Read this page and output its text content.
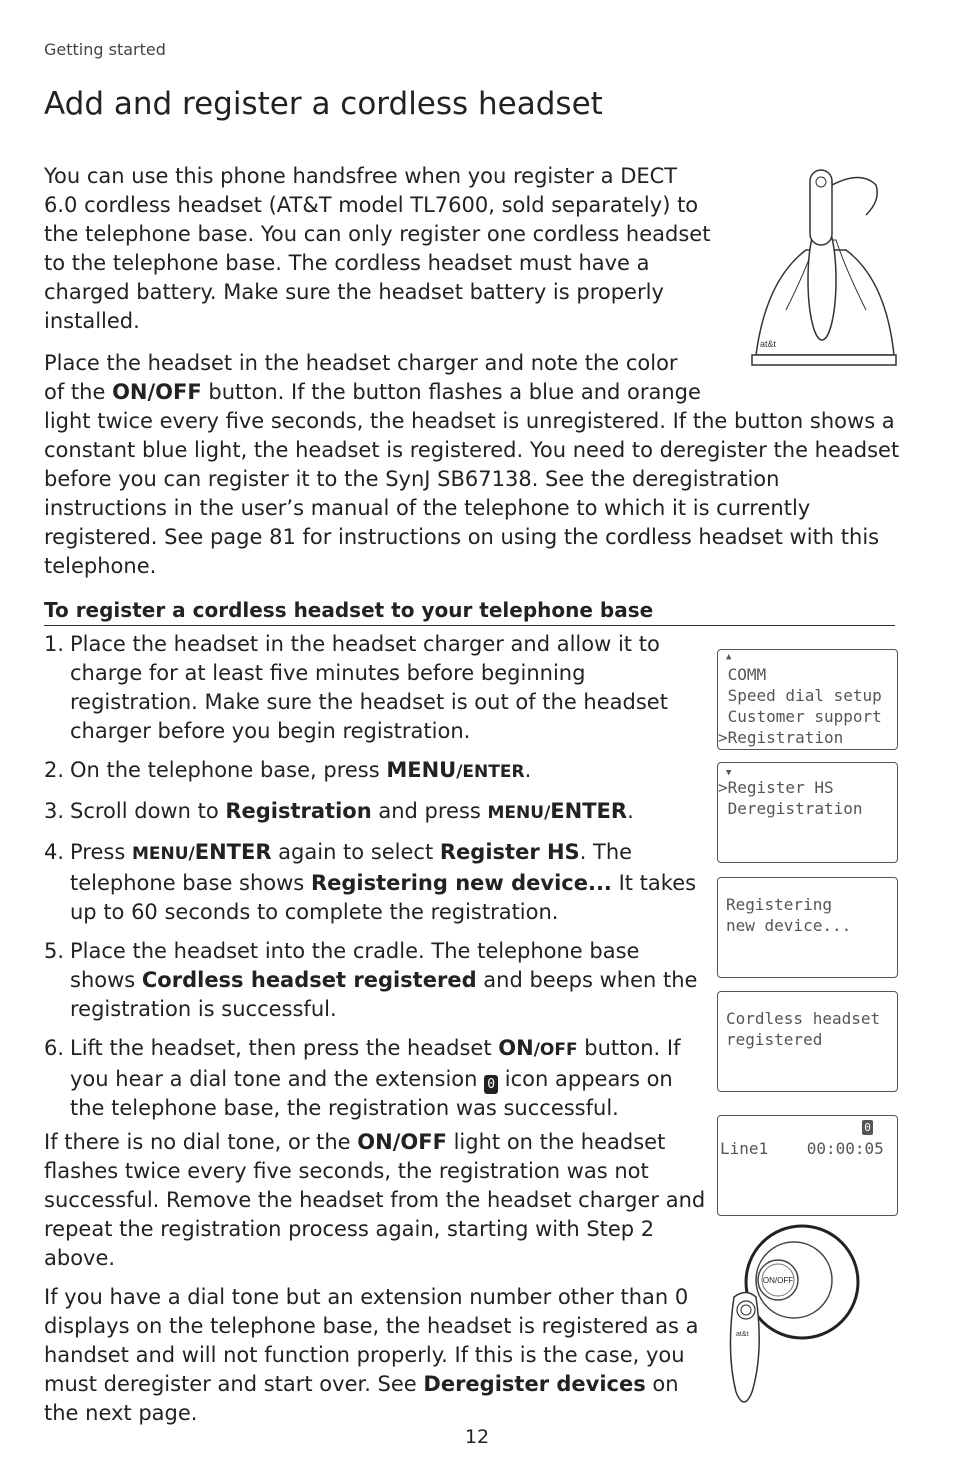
Getting started
Add and register a cordless headset
at&t

You can use this phone handsfree when you register a DECT 6.0 cordless headset (AT&T model TL7600, sold separately) to the telephone base. You can only register one cordless headset to the telephone base. The cordless headset must have a charged battery. Make sure the headset battery is properly installed.

Place the headset in the headset charger and note the color of the ON/OFF button. If the button flashes a blue and orange light twice every five seconds, the headset is unregistered. If the button shows a constant blue light, the headset is registered. You need to deregister the headset before you can register it to the SynJ SB67138. See the deregistration instructions in the user’s manual of the telephone to which it is currently registered. See page 81 for instructions on using the cordless headset with this telephone.

To register a cordless headset to your telephone base
1. Place the headset in the headset charger and allow it to charge for at least five minutes before beginning registration. Make sure the headset is out of the headset charger before you begin registration.
2. On the telephone base, press MENU/ENTER.
3. Scroll down to Registration and press MENU/ENTER.
4. Press MENU/ENTER again to select Register HS. The telephone base shows Registering new device... It takes up to 60 seconds to complete the registration.
5. Place the headset into the cradle. The telephone base shows Cordless headset registered and beeps when the registration is successful.
6. Lift the headset, then press the headset ON/OFF button. If you hear a dial tone and the extension 0 icon appears on the telephone base, the registration was successful.

If there is no dial tone, or the ON/OFF light on the headset flashes twice every five seconds, the registration was not successful. Remove the headset from the headset charger and repeat the registration process again, starting with Step 2 above.

If you have a dial tone but an extension number other than 0 displays on the telephone base, the headset is registered as a handset and will not function properly. If this is the case, you must deregister and start over. See Deregister devices on the next page.

▲
COMM
Speed dial setup
Customer support
>Registration
▼
>Register HS
Deregistration
Registering
new device...
Cordless headset
registered
0
Line1    00:00:05
ON/OFF
at&t
12
